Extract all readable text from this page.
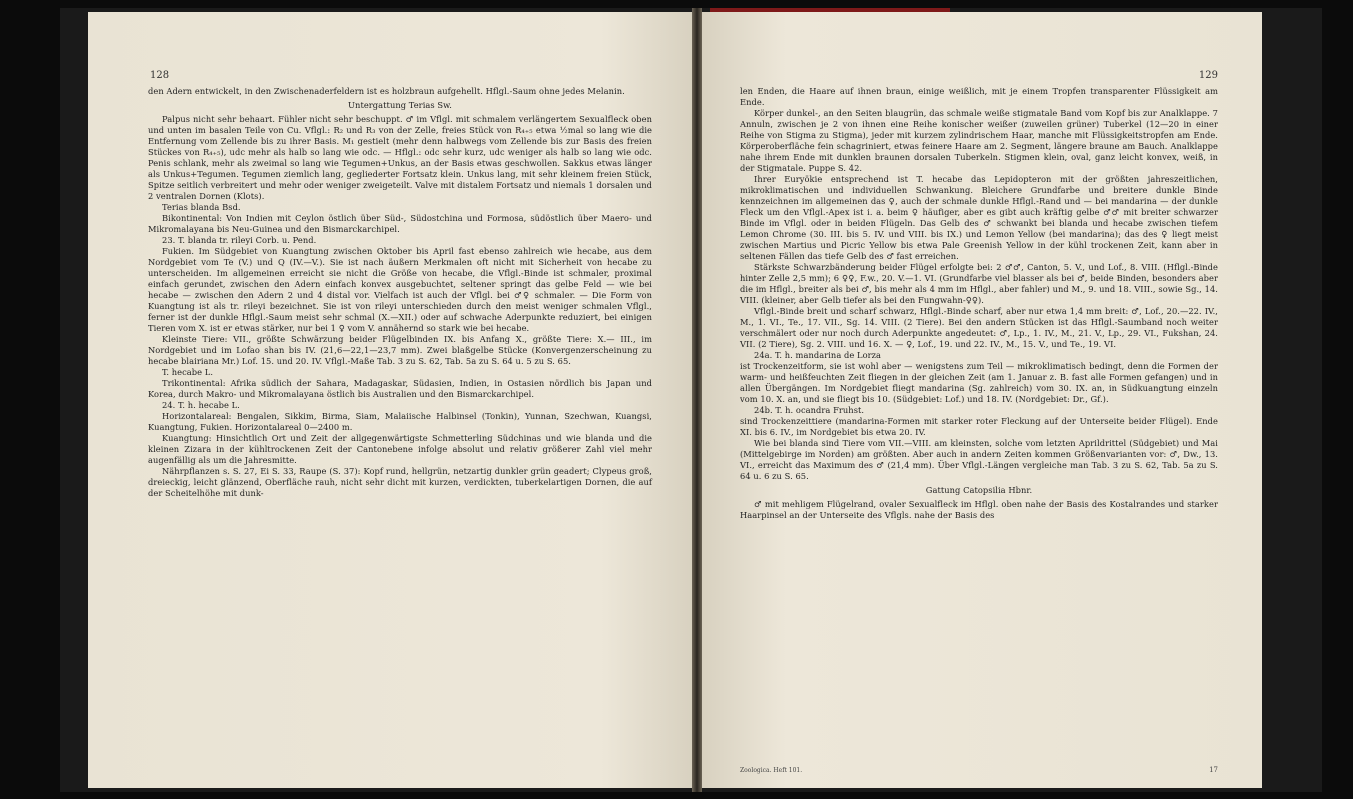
128

den Adern entwickelt, in den Zwischenaderfeldern ist es holzbraun aufgehellt. Hflgl.-Saum ohne jedes Melanin.

Untergattung Terias Sw.

Palpus nicht sehr behaart. Fühler nicht sehr beschuppt. ♂ im Vflgl. mit schmalem verlängertem Sexualfleck oben und unten im basalen Teile von Cu. Vflgl.: R₂ und R₃ von der Zelle, freies Stück von R₄₊₅ etwa ½mal so lang wie die Entfernung vom Zellende bis zu ihrer Basis. M₁ gestielt (mehr denn halbwegs vom Zellende bis zur Basis des freien Stückes von R₄₊₅), udc mehr als halb so lang wie odc. — Hflgl.: odc sehr kurz, udc weniger als halb so lang wie odc. Penis schlank, mehr als zweimal so lang wie Tegumen+Unkus, an der Basis etwas geschwollen. Sakkus etwas länger als Unkus+Tegumen. Tegumen ziemlich lang, gegliederter Fortsatz klein. Unkus lang, mit sehr kleinem freien Stück, Spitze seitlich verbreitert und mehr oder weniger zweigeteilt. Valve mit distalem Fortsatz und niemals 1 dorsalen und 2 ventralen Dornen (Klots).

Terias blanda Bsd.

Bikontinental: Von Indien mit Ceylon östlich über Süd-, Südostchina und Formosa, südöstlich über Maero- und Mikromalayana bis Neu-Guinea und den Bismarckarchipel.

23. T. blanda tr. rileyi Corb. u. Pend.

Fukien. Im Südgebiet von Kuangtung zwischen Oktober bis April fast ebenso zahlreich wie hecabe, aus dem Nordgebiet vom Te (V.) und Q (IV.—V.). Sie ist nach äußern Merkmalen oft nicht mit Sicherheit von hecabe zu unterscheiden. Im allgemeinen erreicht sie nicht die Größe von hecabe, die Vflgl.-Binde ist schmaler, proximal einfach gerundet, zwischen den Adern einfach konvex ausgebuchtet, seltener springt das gelbe Feld — wie bei hecabe — zwischen den Adern 2 und 4 distal vor. Vielfach ist auch der Vflgl. bei ♂♀ schmaler. — Die Form von Kuangtung ist als tr. rileyi bezeichnet. Sie ist von rileyi unterschieden durch den meist weniger schmalen Vflgl., ferner ist der dunkle Hflgl.-Saum meist sehr schmal (X.—XII.) oder auf schwache Aderpunkte reduziert, bei einigen Tieren vom X. ist er etwas stärker, nur bei 1 ♀ vom V. annähernd so stark wie bei hecabe.

Kleinste Tiere: VII., größte Schwärzung beider Flügelbinden IX. bis Anfang X., größte Tiere: X.— III., im Nordgebiet und im Lofao shan bis IV. (21,6—22,1—23,7 mm). Zwei blaßgelbe Stücke (Konvergenzerscheinung zu hecabe blairiana Mr.) Lof. 15. und 20. IV. Vflgl.-Maße Tab. 3 zu S. 62, Tab. 5a zu S. 64 u. 5 zu S. 65.

T. hecabe L.

Trikontinental: Afrika südlich der Sahara, Madagaskar, Südasien, Indien, in Ostasien nördlich bis Japan und Korea, durch Makro- und Mikromalayana östlich bis Australien und den Bismarckarchipel.

24. T. h. hecabe L.

Horizontalareal: Bengalen, Sikkim, Birma, Siam, Malaiische Halbinsel (Tonkin), Yunnan, Szechwan, Kuangsi, Kuangtung, Fukien. Horizontalareal 0—2400 m.

Kuangtung: Hinsichtlich Ort und Zeit der allgegenwärtigste Schmetterling Südchinas und wie blanda und die kleinen Zizara in der kühltrockenen Zeit der Cantonebene infolge absolut und relativ größerer Zahl viel mehr augenfällig als um die Jahresmitte.

Nährpflanzen s. S. 27, Ei S. 33, Raupe (S. 37): Kopf rund, hellgrün, netzartig dunkler grün geadert; Clypeus groß, dreieckig, leicht glänzend, Oberfläche rauh, nicht sehr dicht mit kurzen, verdickten, tuberkelartigen Dornen, die auf der Scheitelhöhe mit dunk-

129

len Enden, die Haare auf ihnen braun, einige weißlich, mit je einem Tropfen transparenter Flüssigkeit am Ende.

Körper dunkel-, an den Seiten blaugrün, das schmale weiße stigmatale Band vom Kopf bis zur Analklappe. 7 Annuln, zwischen je 2 von ihnen eine Reihe konischer weißer (zuweilen grüner) Tuberkel (12—20 in einer Reihe von Stigma zu Stigma), jeder mit kurzem zylindrischem Haar, manche mit Flüssigkeitstropfen am Ende. Körperoberfläche fein schagriniert, etwas feinere Haare am 2. Segment, längere braune am Bauch. Analklappe nahe ihrem Ende mit dunklen braunen dorsalen Tuberkeln. Stigmen klein, oval, ganz leicht konvex, weiß, in der Stigmatale. Puppe S. 42.

Ihrer Euryökie entsprechend ist T. hecabe das Lepidopteron mit der größten jahreszeitlichen, mikroklimatischen und individuellen Schwankung. Bleichere Grundfarbe und breitere dunkle Binde kennzeichnen im allgemeinen das ♀, auch der schmale dunkle Hflgl.-Rand und — bei mandarina — der dunkle Fleck um den Vflgl.-Apex ist i. a. beim ♀ häufiger, aber es gibt auch kräftig gelbe ♂♂ mit breiter schwarzer Binde im Vflgl. oder in beiden Flügeln. Das Gelb des ♂ schwankt bei blanda und hecabe zwischen tiefem Lemon Chrome (30. III. bis 5. IV. und VIII. bis IX.) und Lemon Yellow (bei mandarina); das des ♀ liegt meist zwischen Martius und Picric Yellow bis etwa Pale Greenish Yellow in der kühl trockenen Zeit, kann aber in seltenen Fällen das tiefe Gelb des ♂ fast erreichen.

Stärkste Schwarzbänderung beider Flügel erfolgte bei: 2 ♂♂, Canton, 5. V., und Lof., 8. VIII. (Hflgl.-Binde hinter Zelle 2,5 mm); 6 ♀♀, F.w., 20. V.—1. VI. (Grundfarbe viel blasser als bei ♂, beide Binden, besonders aber die im Hflgl., breiter als bei ♂, bis mehr als 4 mm im Hflgl., aber fahler) und M., 9. und 18. VIII., sowie Sg., 14. VIII. (kleiner, aber Gelb tiefer als bei den Fungwahn-♀♀).

Vflgl.-Binde breit und scharf schwarz, Hflgl.-Binde scharf, aber nur etwa 1,4 mm breit: ♂, Lof., 20.—22. IV., M., 1. VI., Te., 17. VII., Sg. 14. VIII. (2 Tiere). Bei den andern Stücken ist das Hflgl.-Saumband noch weiter verschmälert oder nur noch durch Aderpunkte angedeutet: ♂, Lp., 1. IV., M., 21. V., Lp., 29. VI., Fukshan, 24. VII. (2 Tiere), Sg. 2. VIII. und 16. X. — ♀, Lof., 19. und 22. IV., M., 15. V., und Te., 19. VI.

24a. T. h. mandarina de Lorza

ist Trockenzeitform, sie ist wohl aber — wenigstens zum Teil — mikroklimatisch bedingt, denn die Formen der warm- und heißfeuchten Zeit fliegen in der gleichen Zeit (am 1. Januar z. B. fast alle Formen gefangen) und in allen Übergängen. Im Nordgebiet fliegt mandarina (Sg. zahlreich) vom 30. IX. an, in Südkuangtung einzeln vom 10. X. an, und sie fliegt bis 10. (Südgebiet: Lof.) und 18. IV. (Nordgebiet: Dr., Gf.).

24b. T. h. ocandra Fruhst.

sind Trockenzeittiere (mandarina-Formen mit starker roter Fleckung auf der Unterseite beider Flügel). Ende XI. bis 6. IV., im Nordgebiet bis etwa 20. IV.

Wie bei blanda sind Tiere vom VII.—VIII. am kleinsten, solche vom letzten Aprildrittel (Südgebiet) und Mai (Mittelgebirge im Norden) am größten. Aber auch in andern Zeiten kommen Größenvarianten vor: ♂, Dw., 13. VI., erreicht das Maximum des ♂ (21,4 mm). Über Vflgl.-Längen vergleiche man Tab. 3 zu S. 62, Tab. 5a zu S. 64 u. 6 zu S. 65.

Gattung Catopsilia Hbnr.

♂ mit mehligem Flügelrand, ovaler Sexualfleck im Hflgl. oben nahe der Basis des Kostalrandes und starker Haarpinsel an der Unterseite des Vflgls. nahe der Basis des

Zoologica. Heft 101.	17
